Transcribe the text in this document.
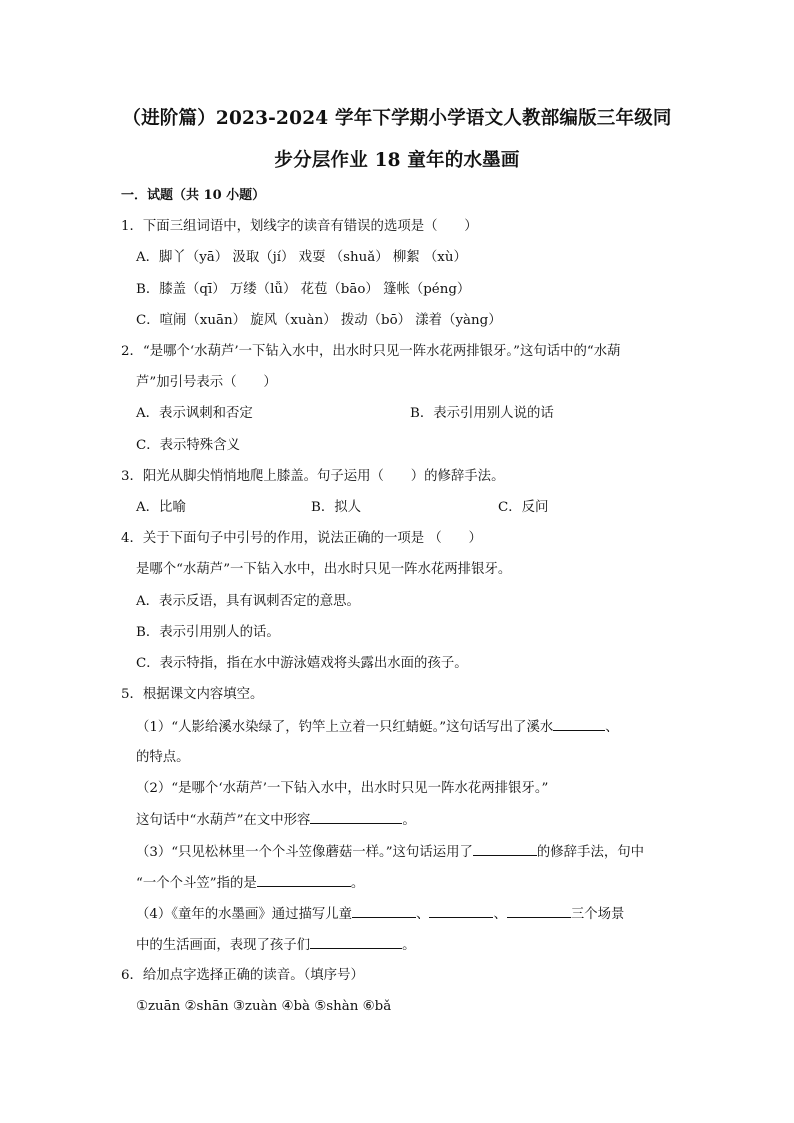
（进阶篇）2023-2024 学年下学期小学语文人教部编版三年级同
步分层作业 18 童年的水墨画
一．试题（共 10 小题）
1．下面三组词语中，划线字的读音有错误的选项是（　　）
A．脚丫（yā） 汲取（jí） 戏耍 （shuǎ） 柳絮 （xù）
B．膝盖（qī） 万缕（lǚ） 花苞（bāo） 篷帐（péng）
C．喧闹（xuān） 旋风（xuàn） 拨动（bō） 漾着（yàng）
2．“是哪个‘水葫芦’一下钻入水中，出水时只见一阵水花两排银牙。”这句话中的“水葫
芦”加引号表示（　　）
A．表示讽刺和否定	B．表示引用别人说的话
C．表示特殊含义
3．阳光从脚尖悄悄地爬上膝盖。句子运用（　　）的修辞手法。
A．比喻	B．拟人	C．反问
4．关于下面句子中引号的作用，说法正确的一项是 （　　）
是哪个“水葫芦”一下钻入水中，出水时只见一阵水花两排银牙。
A．表示反语，具有讽刺否定的意思。
B．表示引用别人的话。
C．表示特指，指在水中游泳嬉戏将头露出水面的孩子。
5．根据课文内容填空。
（1）“人影给溪水染绿了，钓竿上立着一只红蜻蜓。”这句话写出了溪水	、
的特点。
（2）“是哪个‘水葫芦’一下钻入水中，出水时只见一阵水花两排银牙。”
这句话中“水葫芦”在文中形容	。
（3）“只见松林里一个个斗笠像蘑菇一样。”这句话运用了	的修辞手法，句中
“一个个斗笠”指的是	。
（4）《童年的水墨画》通过描写儿童	、	、	三个场景
中的生活画面，表现了孩子们	。
6．给加点字选择正确的读音。（填序号）
①zuān ②shān ③zuàn ④bà ⑤shàn ⑥bǎ
